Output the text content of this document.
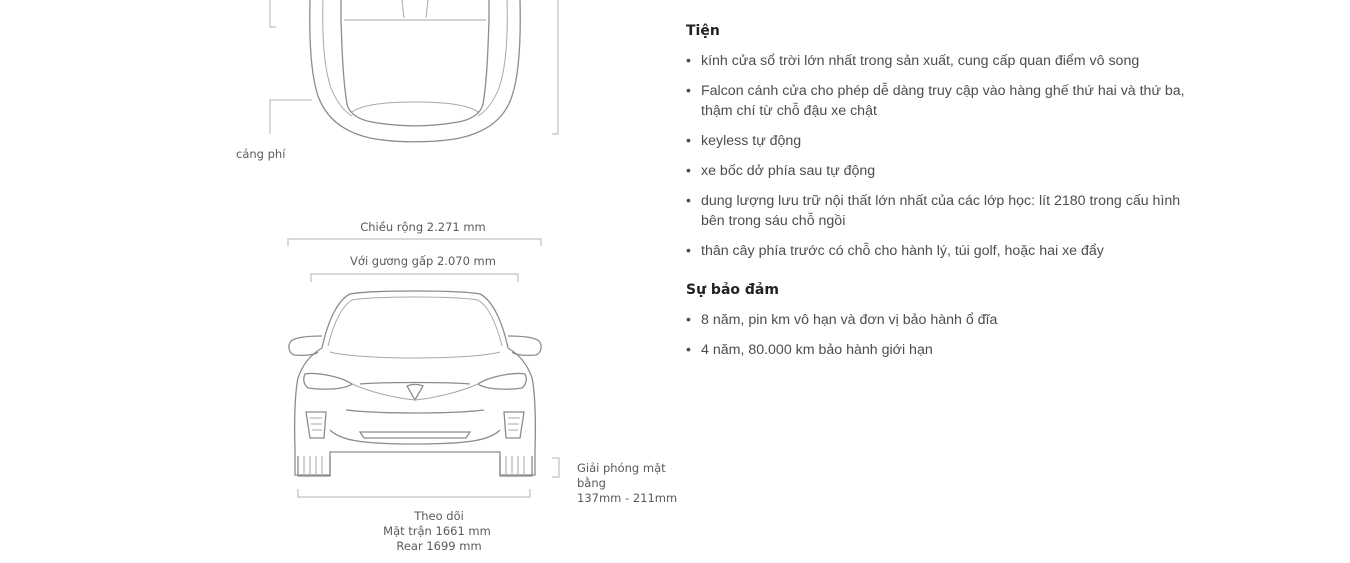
cảng phí
Chiều rộng 2.271 mm
Với gương gấp 2.070 mm
Giải phóng mặt
bằng
137mm - 211mm
Theo dõi
Mặt trận 1661 mm
Rear 1699 mm
Tiện
• kính cửa sổ trời lớn nhất trong sản xuất, cung cấp quan điểm vô song
• Falcon cánh cửa cho phép dễ dàng truy cập vào hàng ghế thứ hai và thứ ba, thậm chí từ chỗ đậu xe chật
• keyless tự động
• xe bốc dở phía sau tự động
• dung lượng lưu trữ nội thất lớn nhất của các lớp học: lít 2180 trong cấu hình bên trong sáu chỗ ngồi
• thân cây phía trước có chỗ cho hành lý, túi golf, hoặc hai xe đẩy
Sự bảo đảm
• 8 năm, pin km vô hạn và đơn vị bảo hành ổ đĩa
• 4 năm, 80.000 km bảo hành giới hạn
